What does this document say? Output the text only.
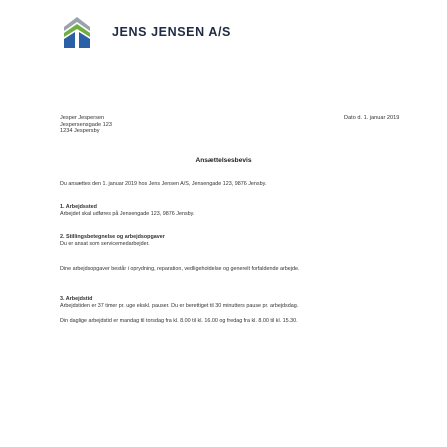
JENS JENSEN A/S
Jesper Jespersen
Jespersensgade 123
1234 Jespersby
Dato d. 1. januar 2019
Ansættelsesbevis
Du ansættes den 1. januar 2019 hos Jens Jensen A/S, Jensengade 123, 9876 Jensby.
1. Arbejdssted
Arbejdet skal udføres på Jensengade 123, 9876 Jensby.
2. Stillingsbetegnelse og arbejdsopgaver
Du er ansat som servicemedarbejder.
Dine arbejdsopgaver består i oprydning, reparation, vedligeholdelse og generelt forfaldende arbejde.
3. Arbejdstid
Arbejdstiden er 37 timer pr. uge ekskl. pauser. Du er berettiget til 30 minutters pause pr. arbejdsdag.
Din daglige arbejdstid er mandag til torsdag fra kl. 8.00 til kl. 16.00 og fredag fra kl. 8.00 til kl. 15.30.
